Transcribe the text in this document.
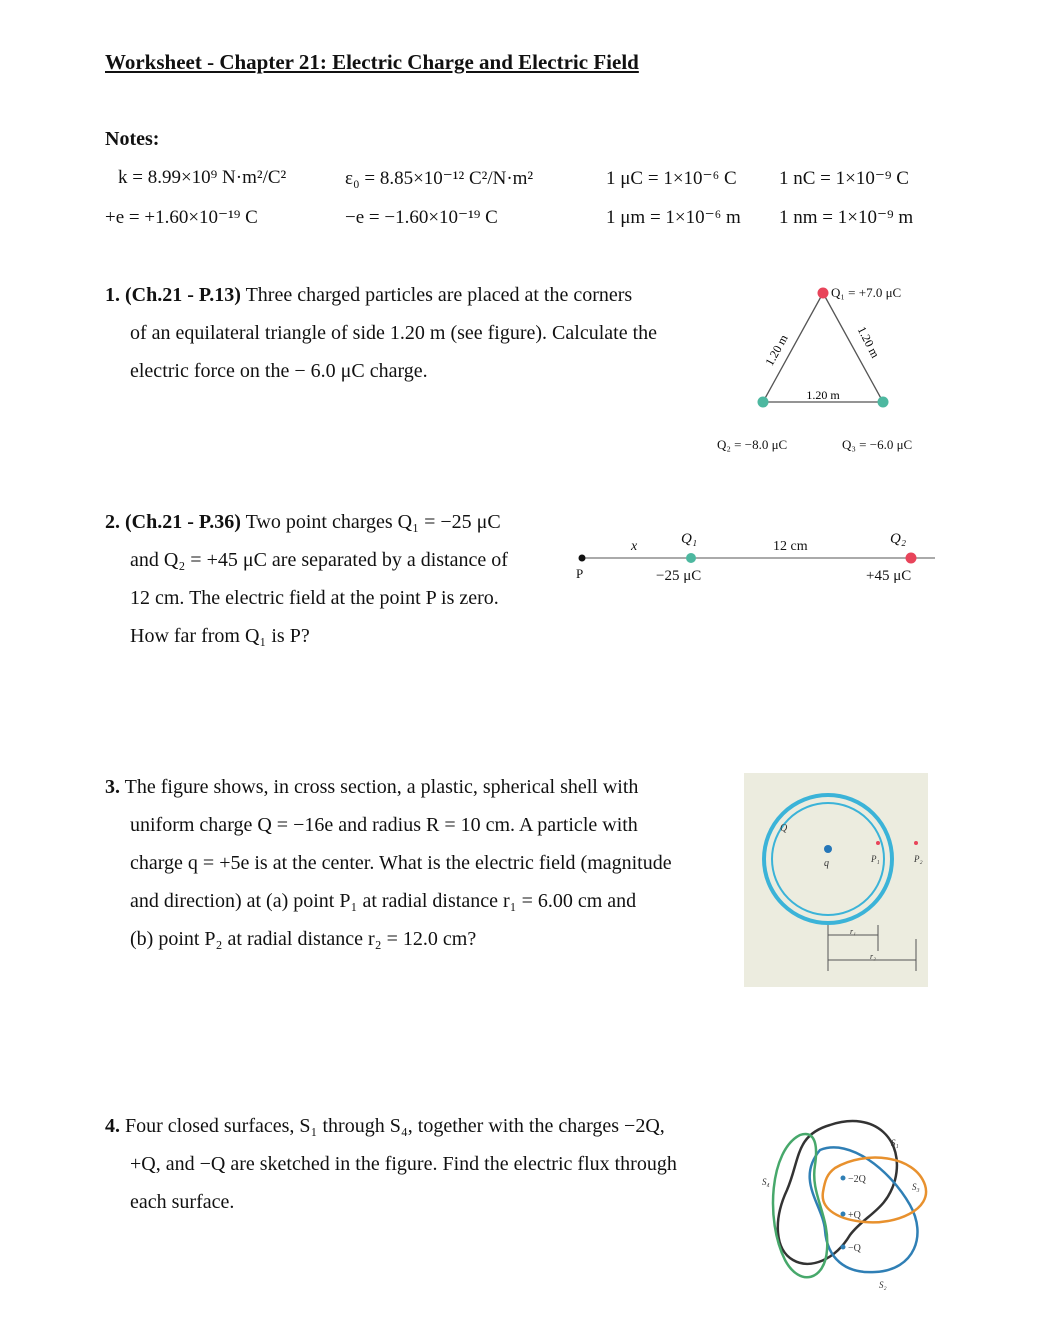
Worksheet - Chapter 21: Electric Charge and Electric Field
Notes:
k = 8.99×10⁹ N·m²/C²	ε₀ = 8.85×10⁻¹² C²/N·m²	1 μC = 1×10⁻⁶ C 1 nC = 1×10⁻⁹ C
+e = +1.60×10⁻¹⁹ C	−e = −1.60×10⁻¹⁹ C	1 μm = 1×10⁻⁶ m 1 nm = 1×10⁻⁹ m
1. (Ch.21 - P.13) Three charged particles are placed at the corners
of an equilateral triangle of side 1.20 m (see figure). Calculate the
electric force on the − 6.0 μC charge.
1.20 m	1.20 m
1.20 m
Q₁ = +7.0 μC
Q₂ = −8.0 μC	Q₃ = −6.0 μC
2. (Ch.21 - P.36) Two point charges Q₁ = −25 μC
and Q₂ = +45 μC are separated by a distance of
12 cm. The electric field at the point P is zero.
How far from Q₁ is P?
P
x	Q₁
−25 μC
12 cm	Q₂
+45 μC
3. The figure shows, in cross section, a plastic, spherical shell with
uniform charge Q = −16e and radius R = 10 cm. A particle with
charge q = +5e is at the center. What is the electric field (magnitude
and direction) at (a) point P₁ at radial distance r₁ = 6.00 cm and
(b) point P₂ at radial distance r₂ = 12.0 cm?
Q
q	P₁	P₂
r₁
r₂
4. Four closed surfaces, S₁ through S₄, together with the charges −2Q,
+Q, and −Q are sketched in the figure. Find the electric flux through
each surface.
−2Q
+Q
−Q
S₁
S₂
S₃
S₄
